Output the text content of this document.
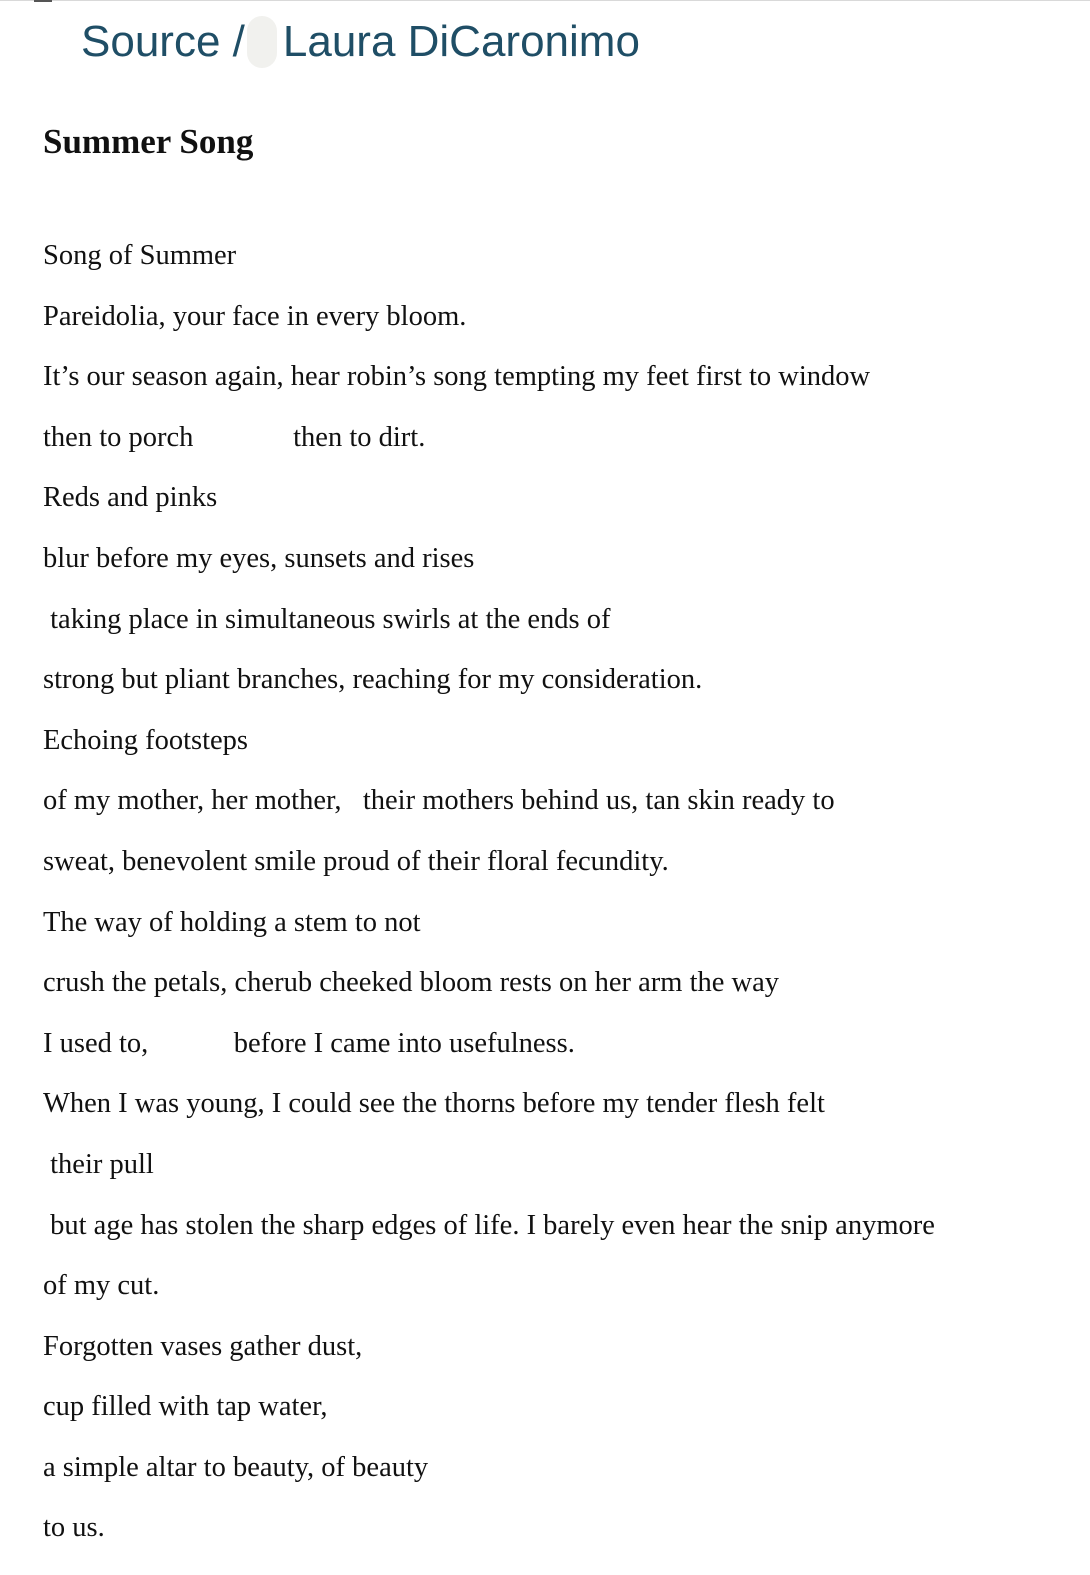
Source / Laura DiCaronimo
Summer Song
Song of Summer
Pareidolia, your face in every bloom.
It’s our season again, hear robin’s song tempting my feet first to window
then to porch              then to dirt.
Reds and pinks
blur before my eyes, sunsets and rises
taking place in simultaneous swirls at the ends of
strong but pliant branches, reaching for my consideration.
Echoing footsteps
of my mother, her mother,   their mothers behind us, tan skin ready to
sweat, benevolent smile proud of their floral fecundity.
The way of holding a stem to not
crush the petals, cherub cheeked bloom rests on her arm the way
I used to,            before I came into usefulness.
When I was young, I could see the thorns before my tender flesh felt
their pull
but age has stolen the sharp edges of life. I barely even hear the snip anymore
of my cut.
Forgotten vases gather dust,
cup filled with tap water,
a simple altar to beauty, of beauty
to us.
